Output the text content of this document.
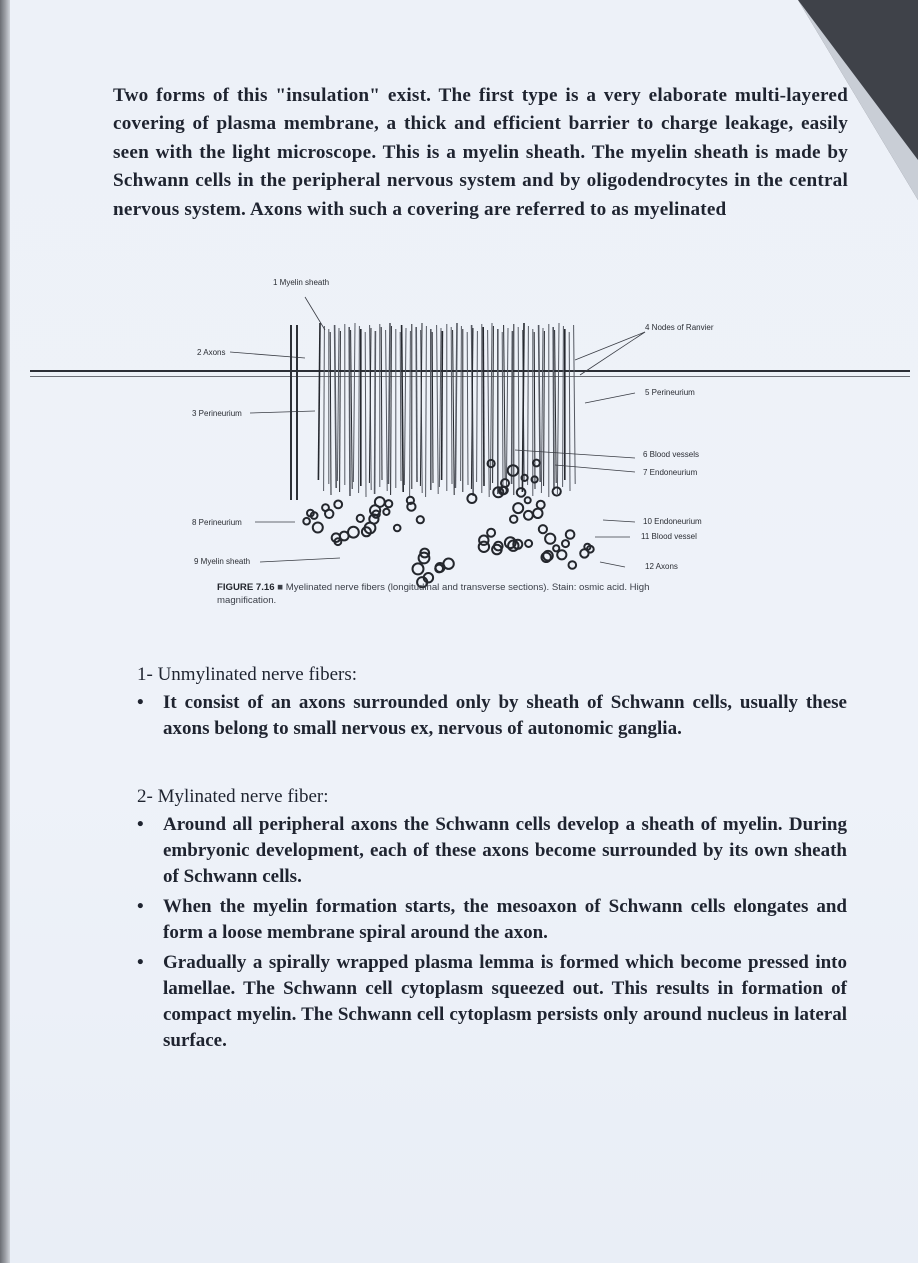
Two forms of this "insulation" exist. The first type is a very elaborate multi-layered covering of plasma membrane, a thick and efficient barrier to charge leakage, easily seen with the light microscope. This is a myelin sheath. The myelin sheath is made by Schwann cells in the peripheral nervous system and by oligodendrocytes in the central nervous system. Axons with such a covering are referred to as myelinated
1 Myelin sheath
2 Axons
3 Perineurium
4 Nodes of Ranvier
5 Perineurium
6 Blood vessels
7 Endoneurium
8 Perineurium
9 Myelin sheath
10 Endoneurium
11 Blood vessel
12 Axons
FIGURE 7.16 ■ Myelinated nerve fibers (longitudinal and transverse sections). Stain: osmic acid. High magnification.
1- Unmylinated nerve fibers:
• It consist of an axons surrounded only by sheath of Schwann cells, usually these axons belong to small nervous ex, nervous of autonomic ganglia.
2- Mylinated nerve fiber:
• Around all peripheral axons the Schwann cells develop a sheath of myelin. During embryonic development, each of these axons become surrounded by its own sheath of Schwann cells.
• When the myelin formation starts, the mesoaxon of Schwann cells elongates and form a loose membrane spiral around the axon.
• Gradually a spirally wrapped plasma lemma is formed which become pressed into lamellae. The Schwann cell cytoplasm squeezed out. This results in formation of compact myelin. The Schwann cell cytoplasm persists only around nucleus in lateral surface.
